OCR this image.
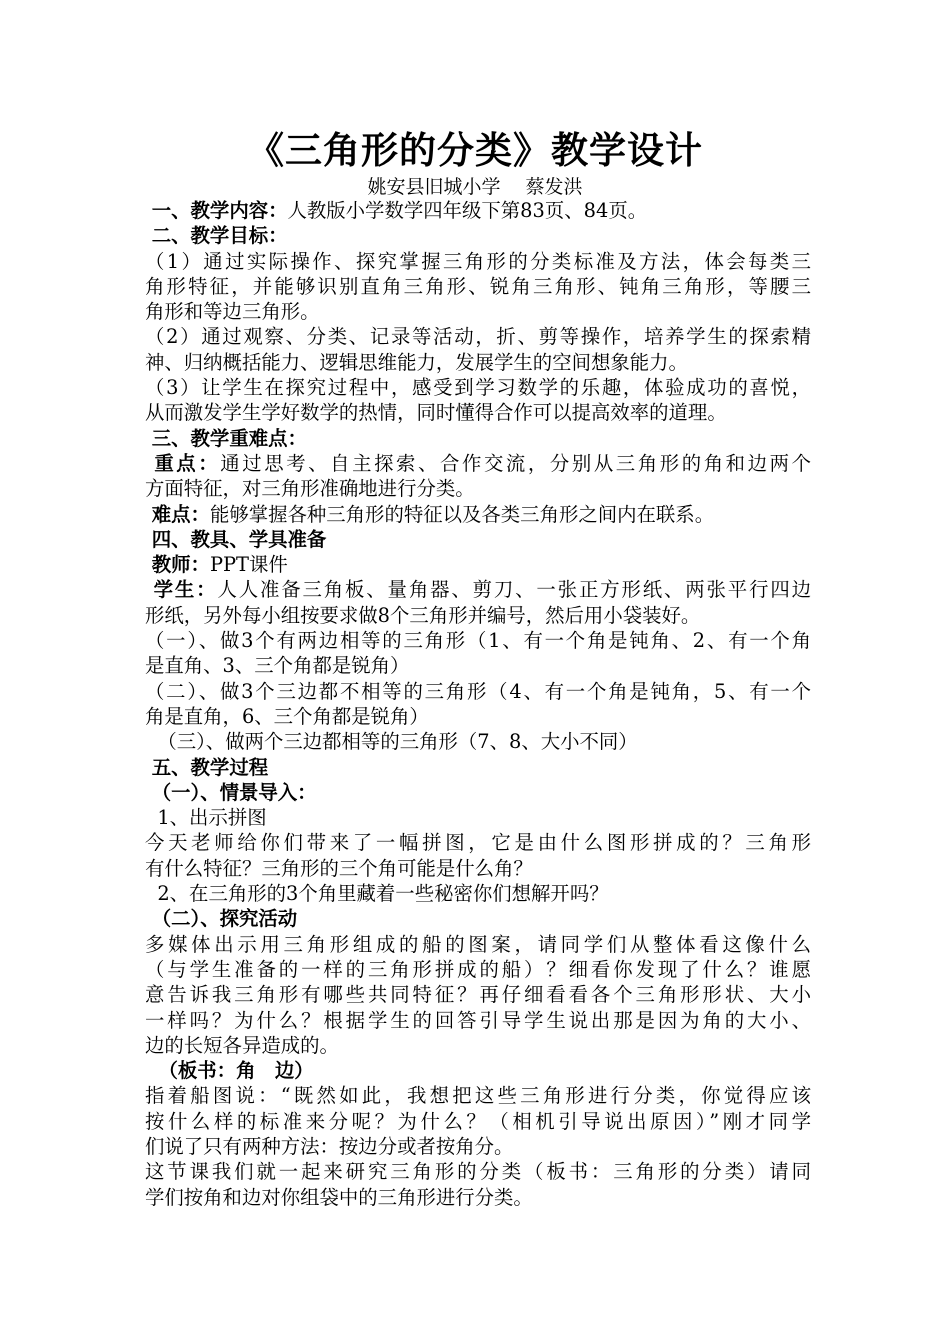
《三角形的分类》教学设计
姚安县旧城小学　 蔡发洪
一、教学内容：人教版小学数学四年级下第83页、84页。
二、教学目标：
（1）通过实际操作、探究掌握三角形的分类标准及方法，体会每类三
角形特征，并能够识别直角三角形、锐角三角形、钝角三角形，等腰三
角形和等边三角形。
（2）通过观察、分类、记录等活动，折、剪等操作，培养学生的探索精
神、归纳概括能力、逻辑思维能力，发展学生的空间想象能力。
（3）让学生在探究过程中，感受到学习数学的乐趣，体验成功的喜悦，
从而激发学生学好数学的热情，同时懂得合作可以提高效率的道理。
三、教学重难点：
重点：通过思考、自主探索、合作交流，分别从三角形的角和边两个
方面特征，对三角形准确地进行分类。
难点：能够掌握各种三角形的特征以及各类三角形之间内在联系。
四、教具、学具准备
教师：PPT课件
学生：人人准备三角板、量角器、剪刀、一张正方形纸、两张平行四边
形纸，另外每小组按要求做8个三角形并编号，然后用小袋装好。
（一）、做3个有两边相等的三角形（1、有一个角是钝角、2、有一个角
是直角、3、三个角都是锐角）
（二）、做3个三边都不相等的三角形（4、有一个角是钝角，5、有一个
角是直角，6、三个角都是锐角）
（三）、做两个三边都相等的三角形（7、8、大小不同）
五、教学过程
（一）、情景导入：
1、出示拼图
今天老师给你们带来了一幅拼图，它是由什么图形拼成的？三角形
有什么特征？三角形的三个角可能是什么角？
2、在三角形的3个角里藏着一些秘密你们想解开吗？
（二）、探究活动
多媒体出示用三角形组成的船的图案，请同学们从整体看这像什么
（与学生准备的一样的三角形拼成的船）？细看你发现了什么？谁愿
意告诉我三角形有哪些共同特征？再仔细看看各个三角形形状、大小
一样吗？为什么？根据学生的回答引导学生说出那是因为角的大小、
边的长短各异造成的。
（板书：角　边）
指着船图说：“既然如此，我想把这些三角形进行分类，你觉得应该
按什么样的标准来分呢？为什么？（相机引导说出原因）”刚才同学
们说了只有两种方法：按边分或者按角分。
这节课我们就一起来研究三角形的分类（板书：三角形的分类）请同
学们按角和边对你组袋中的三角形进行分类。
